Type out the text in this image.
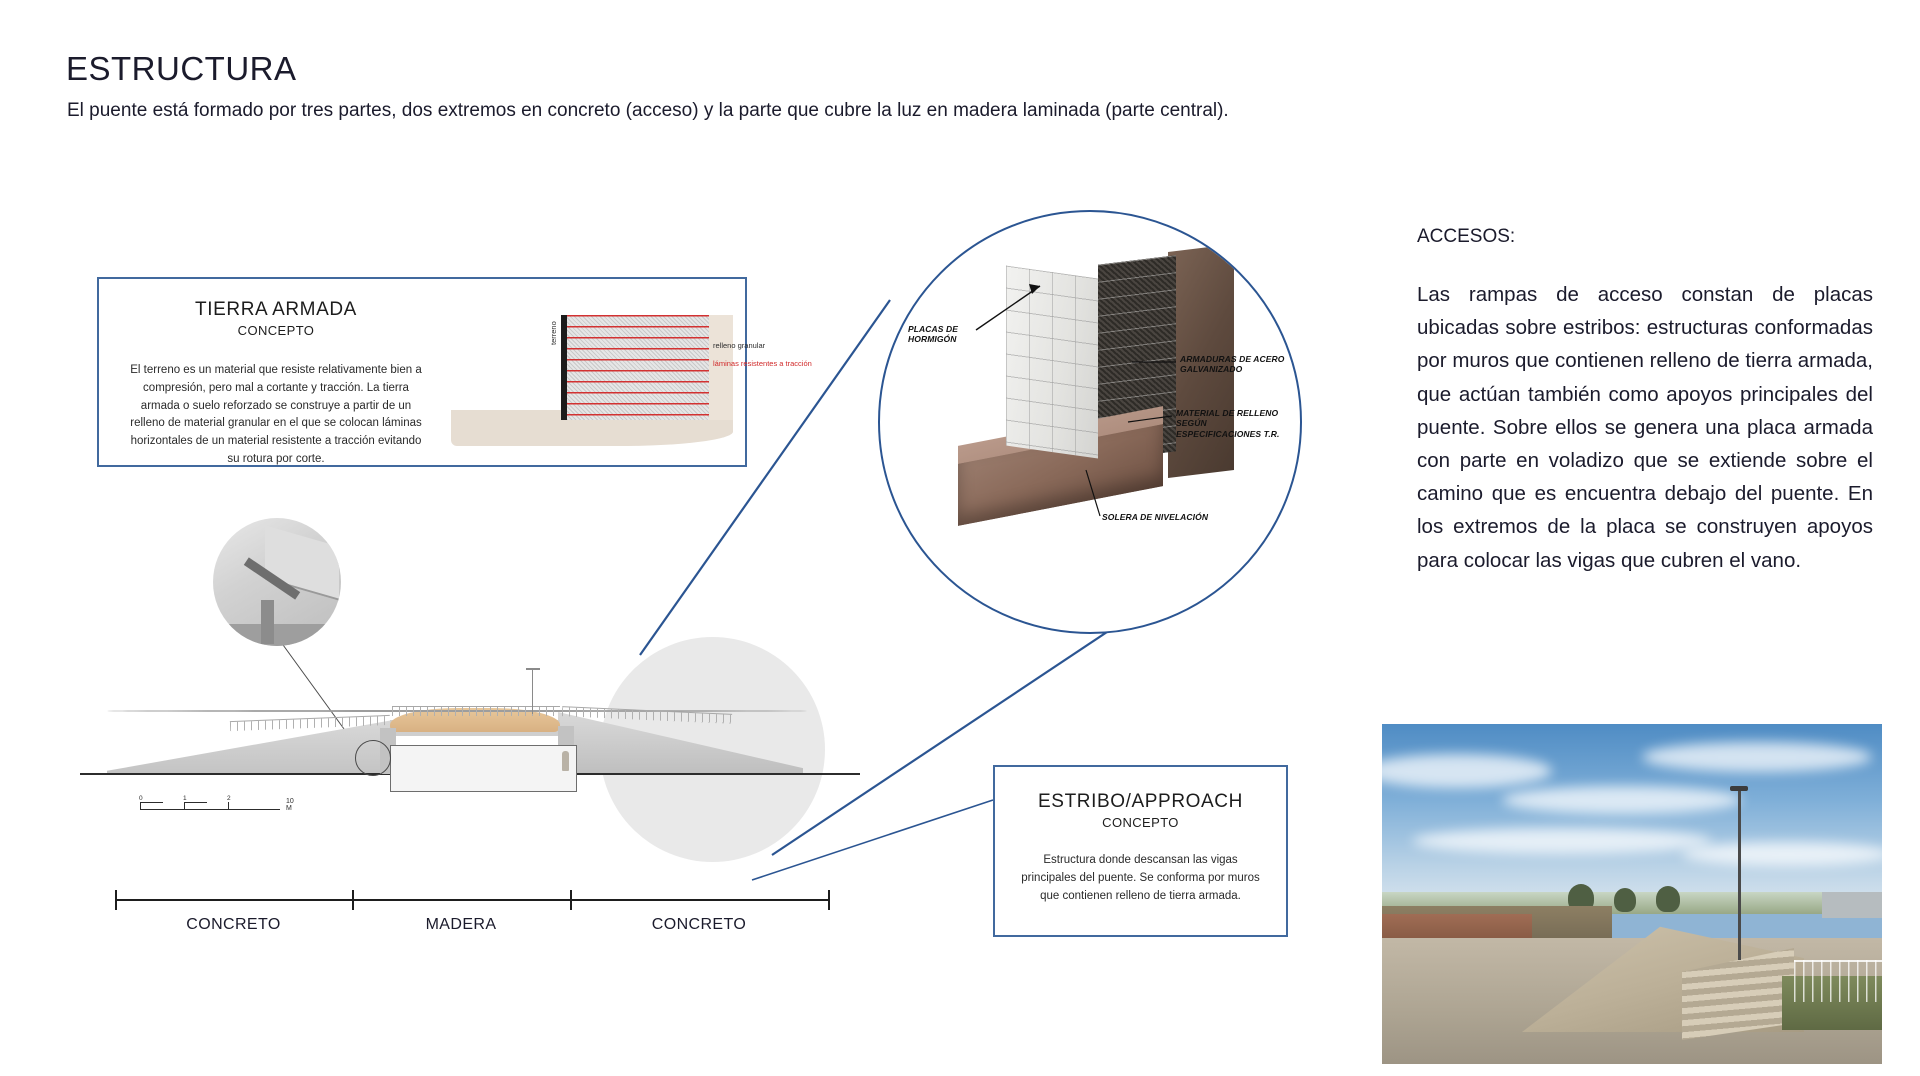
ESTRUCTURA
El puente está formado por tres partes, dos extremos en concreto (acceso) y la parte que cubre la luz en madera laminada (parte central).
TIERRA ARMADA
CONCEPTO
El terreno es un material que resiste relativamente bien a compresión, pero mal a cortante y tracción. La tierra armada o suelo reforzado se construye a partir de un relleno de material granular en el que se colocan láminas horizontales de un material resistente a tracción evitando su rotura por corte.
relleno granular
láminas resistentes a tracción
terreno
0	1	2	10 M
CONCRETO	MADERA	CONCRETO
PLACAS DE
HORMIGÓN
ARMADURAS DE ACERO
GALVANIZADO
MATERIAL DE RELLENO SEGÚN
ESPECIFICACIONES T.R.
SOLERA DE NIVELACIÓN
ESTRIBO/APPROACH
CONCEPTO
Estructura donde descansan las vigas principales del puente. Se conforma por muros que contienen relleno de tierra armada.
ACCESOS:
Las rampas de acceso constan de placas ubicadas sobre estribos: estructuras conformadas por muros que contienen relleno de tierra armada, que actúan también como apoyos principales del puente. Sobre ellos se genera una placa armada con parte en voladizo que se extiende sobre el camino que es encuentra debajo del puente. En los extremos de la placa se construyen apoyos para colocar las vigas que cubren el vano.
